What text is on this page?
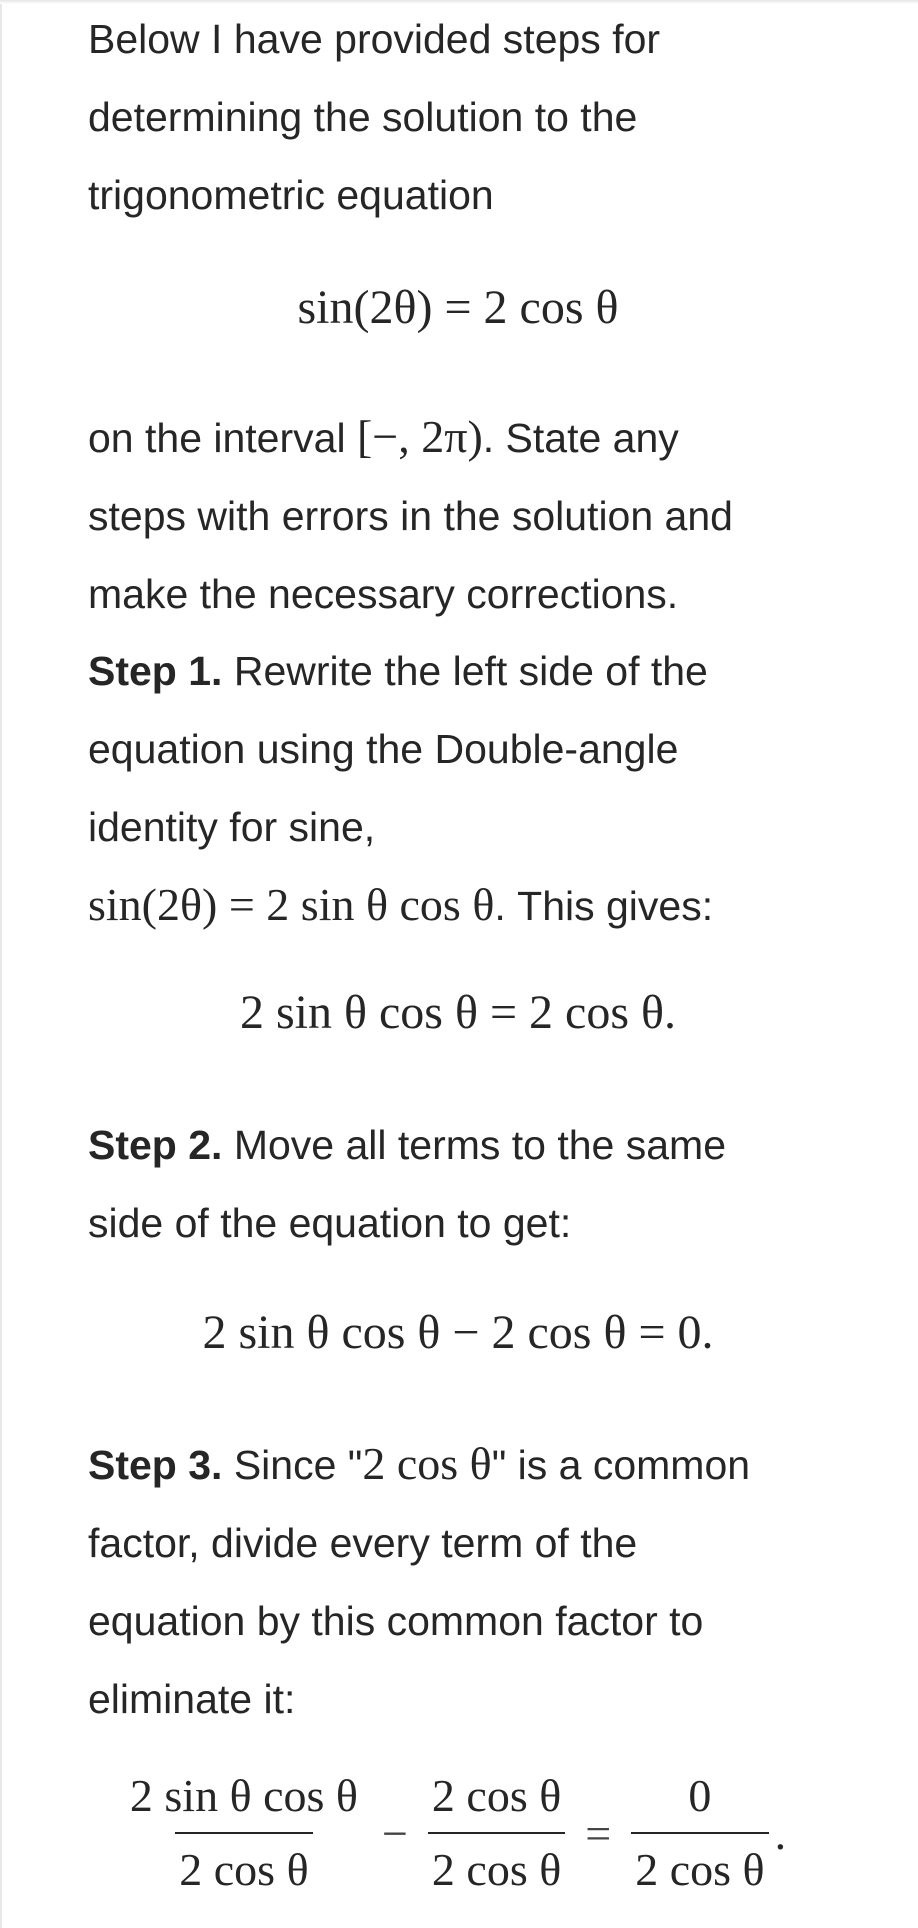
Below I have provided steps for

determining the solution to the

trigonometric equation

sin(2θ) = 2 cos θ

on the interval [−, 2π). State any

steps with errors in the solution and

make the necessary corrections.

Step 1. Rewrite the left side of the

equation using the Double-angle

identity for sine,

sin(2θ) = 2 sin θ cos θ. This gives:

2 sin θ cos θ = 2 cos θ.

Step 2. Move all terms to the same

side of the equation to get:

2 sin θ cos θ − 2 cos θ = 0.

Step 3. Since "2 cos θ" is a common

factor, divide every term of the

equation by this common factor to

eliminate it:

$\frac{\text{2 sin θ cos θ}}{\text{2 cos θ}} - \frac{\text{2 cos θ}}{\text{2 cos θ}} = \frac{0}{\text{2 cos θ}}$ .
